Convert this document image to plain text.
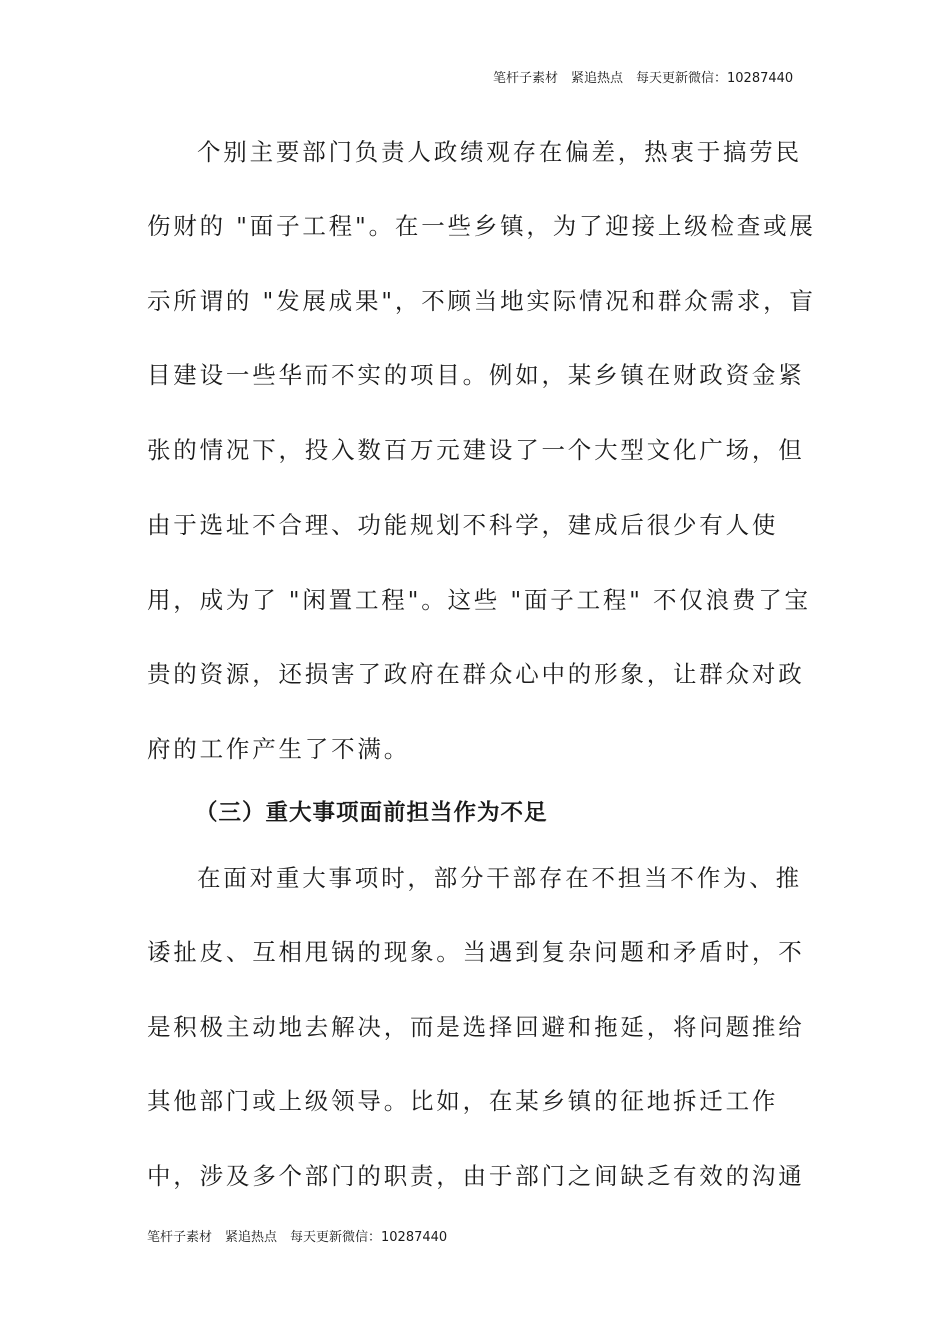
笔杆子素材　紧追热点　每天更新微信：10287440
个别主要部门负责人政绩观存在偏差，热衷于搞劳民
伤财的 "面子工程"。在一些乡镇，为了迎接上级检查或展
示所谓的 "发展成果"，不顾当地实际情况和群众需求，盲
目建设一些华而不实的项目。例如，某乡镇在财政资金紧
张的情况下，投入数百万元建设了一个大型文化广场，但
由于选址不合理、功能规划不科学，建成后很少有人使
用，成为了 "闲置工程"。这些 "面子工程" 不仅浪费了宝
贵的资源，还损害了政府在群众心中的形象，让群众对政
府的工作产生了不满。
（三）重大事项面前担当作为不足
在面对重大事项时，部分干部存在不担当不作为、推
诿扯皮、互相甩锅的现象。当遇到复杂问题和矛盾时，不
是积极主动地去解决，而是选择回避和拖延，将问题推给
其他部门或上级领导。比如，在某乡镇的征地拆迁工作
中，涉及多个部门的职责，由于部门之间缺乏有效的沟通
笔杆子素材　紧追热点　每天更新微信：10287440
